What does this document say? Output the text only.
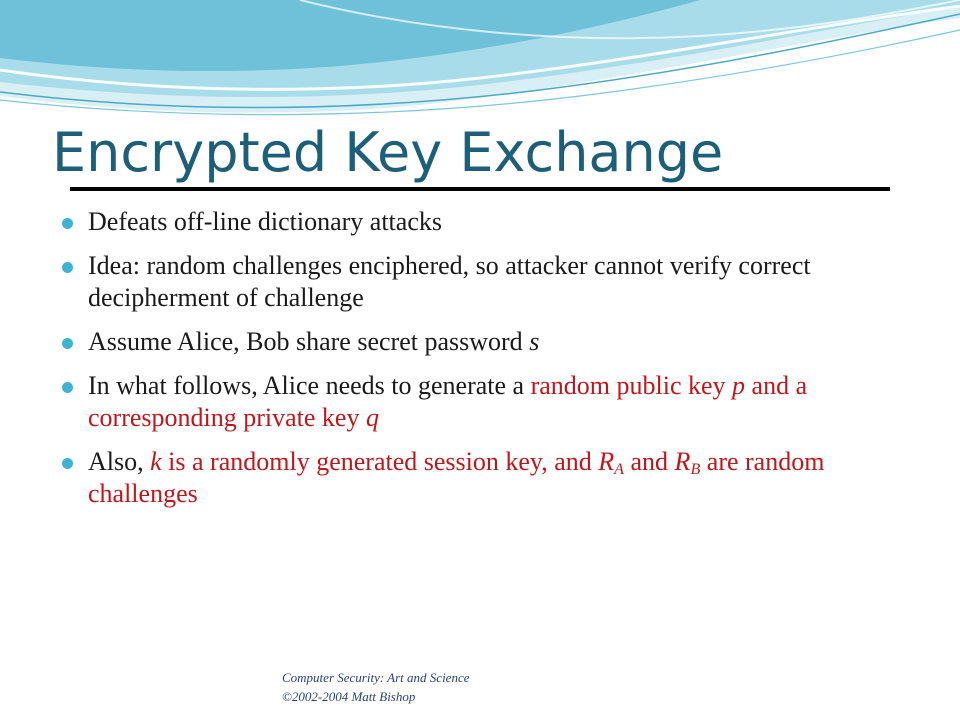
Encrypted Key Exchange
Defeats off-line dictionary attacks
Idea: random challenges enciphered, so attacker cannot verify correct decipherment of challenge
Assume Alice, Bob share secret password s
In what follows, Alice needs to generate a random public key p and a corresponding private key q
Also, k is a randomly generated session key, and $R_A$ and $R_B$ are random challenges
Computer Security: Art and Science
©2002-2004 Matt Bishop
